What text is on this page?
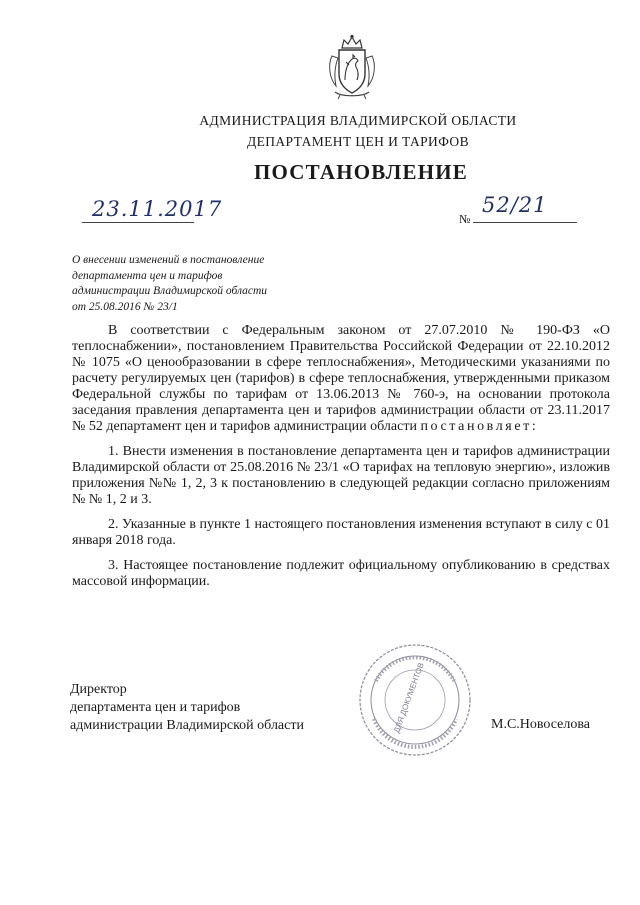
АДМИНИСТРАЦИЯ ВЛАДИМИРСКОЙ ОБЛАСТИ
ДЕПАРТАМЕНТ ЦЕН И ТАРИФОВ
ПОСТАНОВЛЕНИЕ
23.11.2017	№
52/21
О внесении изменений в постановление
департамента цен и тарифов
администрации Владимирской области
от 25.08.2016 № 23/1

В соответствии с Федеральным законом от 27.07.2010 № 190-ФЗ «О теплоснабжении», постановлением Правительства Российской Федерации от 22.10.2012 № 1075 «О ценообразовании в сфере теплоснабжения», Методическими указаниями по расчету регулируемых цен (тарифов) в сфере теплоснабжения, утвержденными приказом Федеральной службы по тарифам от 13.06.2013 № 760-э, на основании протокола заседания правления департамента цен и тарифов администрации области от 23.11.2017 № 52 департамент цен и тарифов администрации области постановляет:

1. Внести изменения в постановление департамента цен и тарифов администрации Владимирской области от 25.08.2016 № 23/1 «О тарифах на тепловую энергию», изложив приложения №№ 1, 2, 3 к постановлению в следующей редакции согласно приложениям № № 1, 2 и 3.

2. Указанные в пункте 1 настоящего постановления изменения вступают в силу с 01 января 2018 года.

3. Настоящее постановление подлежит официальному опубликованию в средствах массовой информации.

ДЛЯ ДОКУМЕНТОВ
Директор
департамента цен и тарифов
администрации Владимирской области	М.С.Новоселова
